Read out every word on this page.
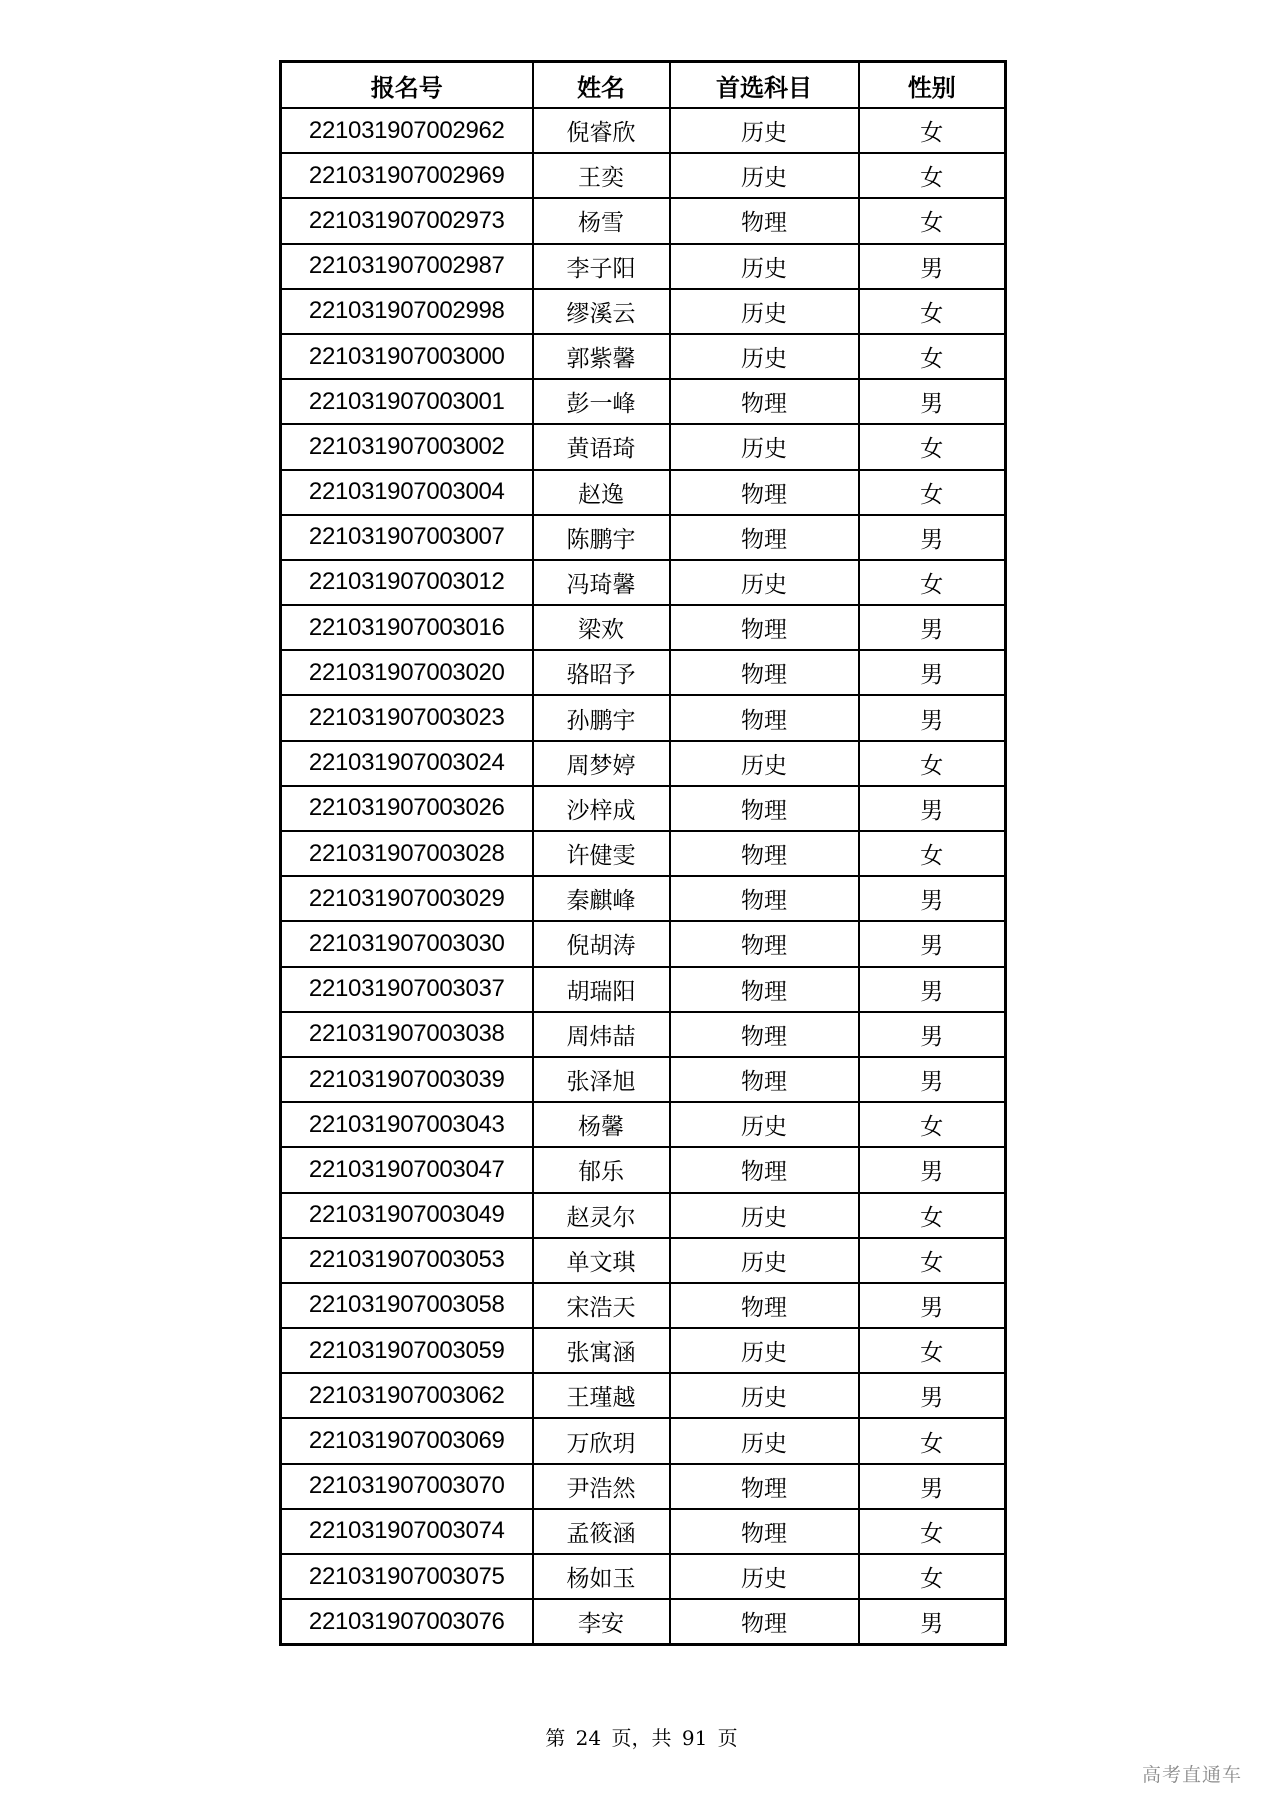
报名号	姓名	首选科目	性别
221031907002962	倪睿欣	历史	女
221031907002969	王奕	历史	女
221031907002973	杨雪	物理	女
221031907002987	李子阳	历史	男
221031907002998	缪溪云	历史	女
221031907003000	郭紫馨	历史	女
221031907003001	彭一峰	物理	男
221031907003002	黄语琦	历史	女
221031907003004	赵逸	物理	女
221031907003007	陈鹏宇	物理	男
221031907003012	冯琦馨	历史	女
221031907003016	梁欢	物理	男
221031907003020	骆昭予	物理	男
221031907003023	孙鹏宇	物理	男
221031907003024	周梦婷	历史	女
221031907003026	沙梓成	物理	男
221031907003028	许健雯	物理	女
221031907003029	秦麒峰	物理	男
221031907003030	倪胡涛	物理	男
221031907003037	胡瑞阳	物理	男
221031907003038	周炜喆	物理	男
221031907003039	张泽旭	物理	男
221031907003043	杨馨	历史	女
221031907003047	郁乐	物理	男
221031907003049	赵灵尔	历史	女
221031907003053	单文琪	历史	女
221031907003058	宋浩天	物理	男
221031907003059	张寓涵	历史	女
221031907003062	王瑾越	历史	男
221031907003069	万欣玥	历史	女
221031907003070	尹浩然	物理	男
221031907003074	孟筱涵	物理	女
221031907003075	杨如玉	历史	女
221031907003076	李安	物理	男
第 24 页，共 91 页
高考直通车
